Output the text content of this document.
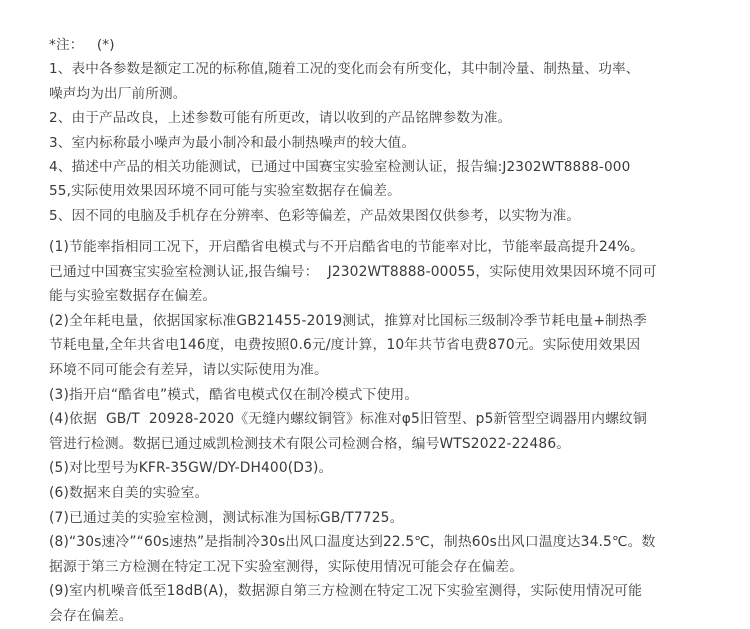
*注：   (*)
1、表中各参数是额定工况的标称值,随着工况的变化而会有所变化，其中制冷量、制热量、功率、
噪声均为出厂前所测。
2、由于产品改良，上述参数可能有所更改，请以收到的产品铭牌参数为准。
3、室内标称最小噪声为最小制冷和最小制热噪声的较大值。
4、描述中产品的相关功能测试，已通过中国赛宝实验室检测认证，报告编:J2302WT8888-000
55,实际使用效果因环境不同可能与实验室数据存在偏差。
5、因不同的电脑及手机存在分辨率、色彩等偏差，产品效果图仅供参考，以实物为准。
(1)节能率指相同工况下，开启酷省电模式与不开启酷省电的节能率对比，节能率最高提升24%。
已通过中国赛宝实验室检测认证,报告编号：  J2302WT8888-00055，实际使用效果因环境不同可
能与实验室数据存在偏差。
(2)全年耗电量，依据国家标准GB21455-2019测试，推算对比国标三级制冷季节耗电量+制热季
节耗电量,全年共省电146度，电费按照0.6元/度计算，10年共节省电费870元。实际使用效果因
环境不同可能会有差异，请以实际使用为准。
(3)指开启“酷省电”模式，酷省电模式仅在制冷模式下使用。
(4)依据  GB/T  20928-2020《无缝内螺纹铜管》标准对φ5旧管型、p5新管型空调器用内螺纹铜
管进行检测。数据已通过威凯检测技术有限公司检测合格，编号WTS2022-22486。
(5)对比型号为KFR-35GW/DY-DH400(D3)。
(6)数据来自美的实验室。
(7)已通过美的实验室检测，测试标准为国标GB/T7725。
(8)“30s速冷”“60s速热”是指制冷30s出风口温度达到22.5℃，制热60s出风口温度达34.5℃。数
据源于第三方检测在特定工况下实验室测得，实际使用情况可能会存在偏差。
(9)室内机噪音低至18dB(A)，数据源自第三方检测在特定工况下实验室测得，实际使用情况可能
会存在偏差。
